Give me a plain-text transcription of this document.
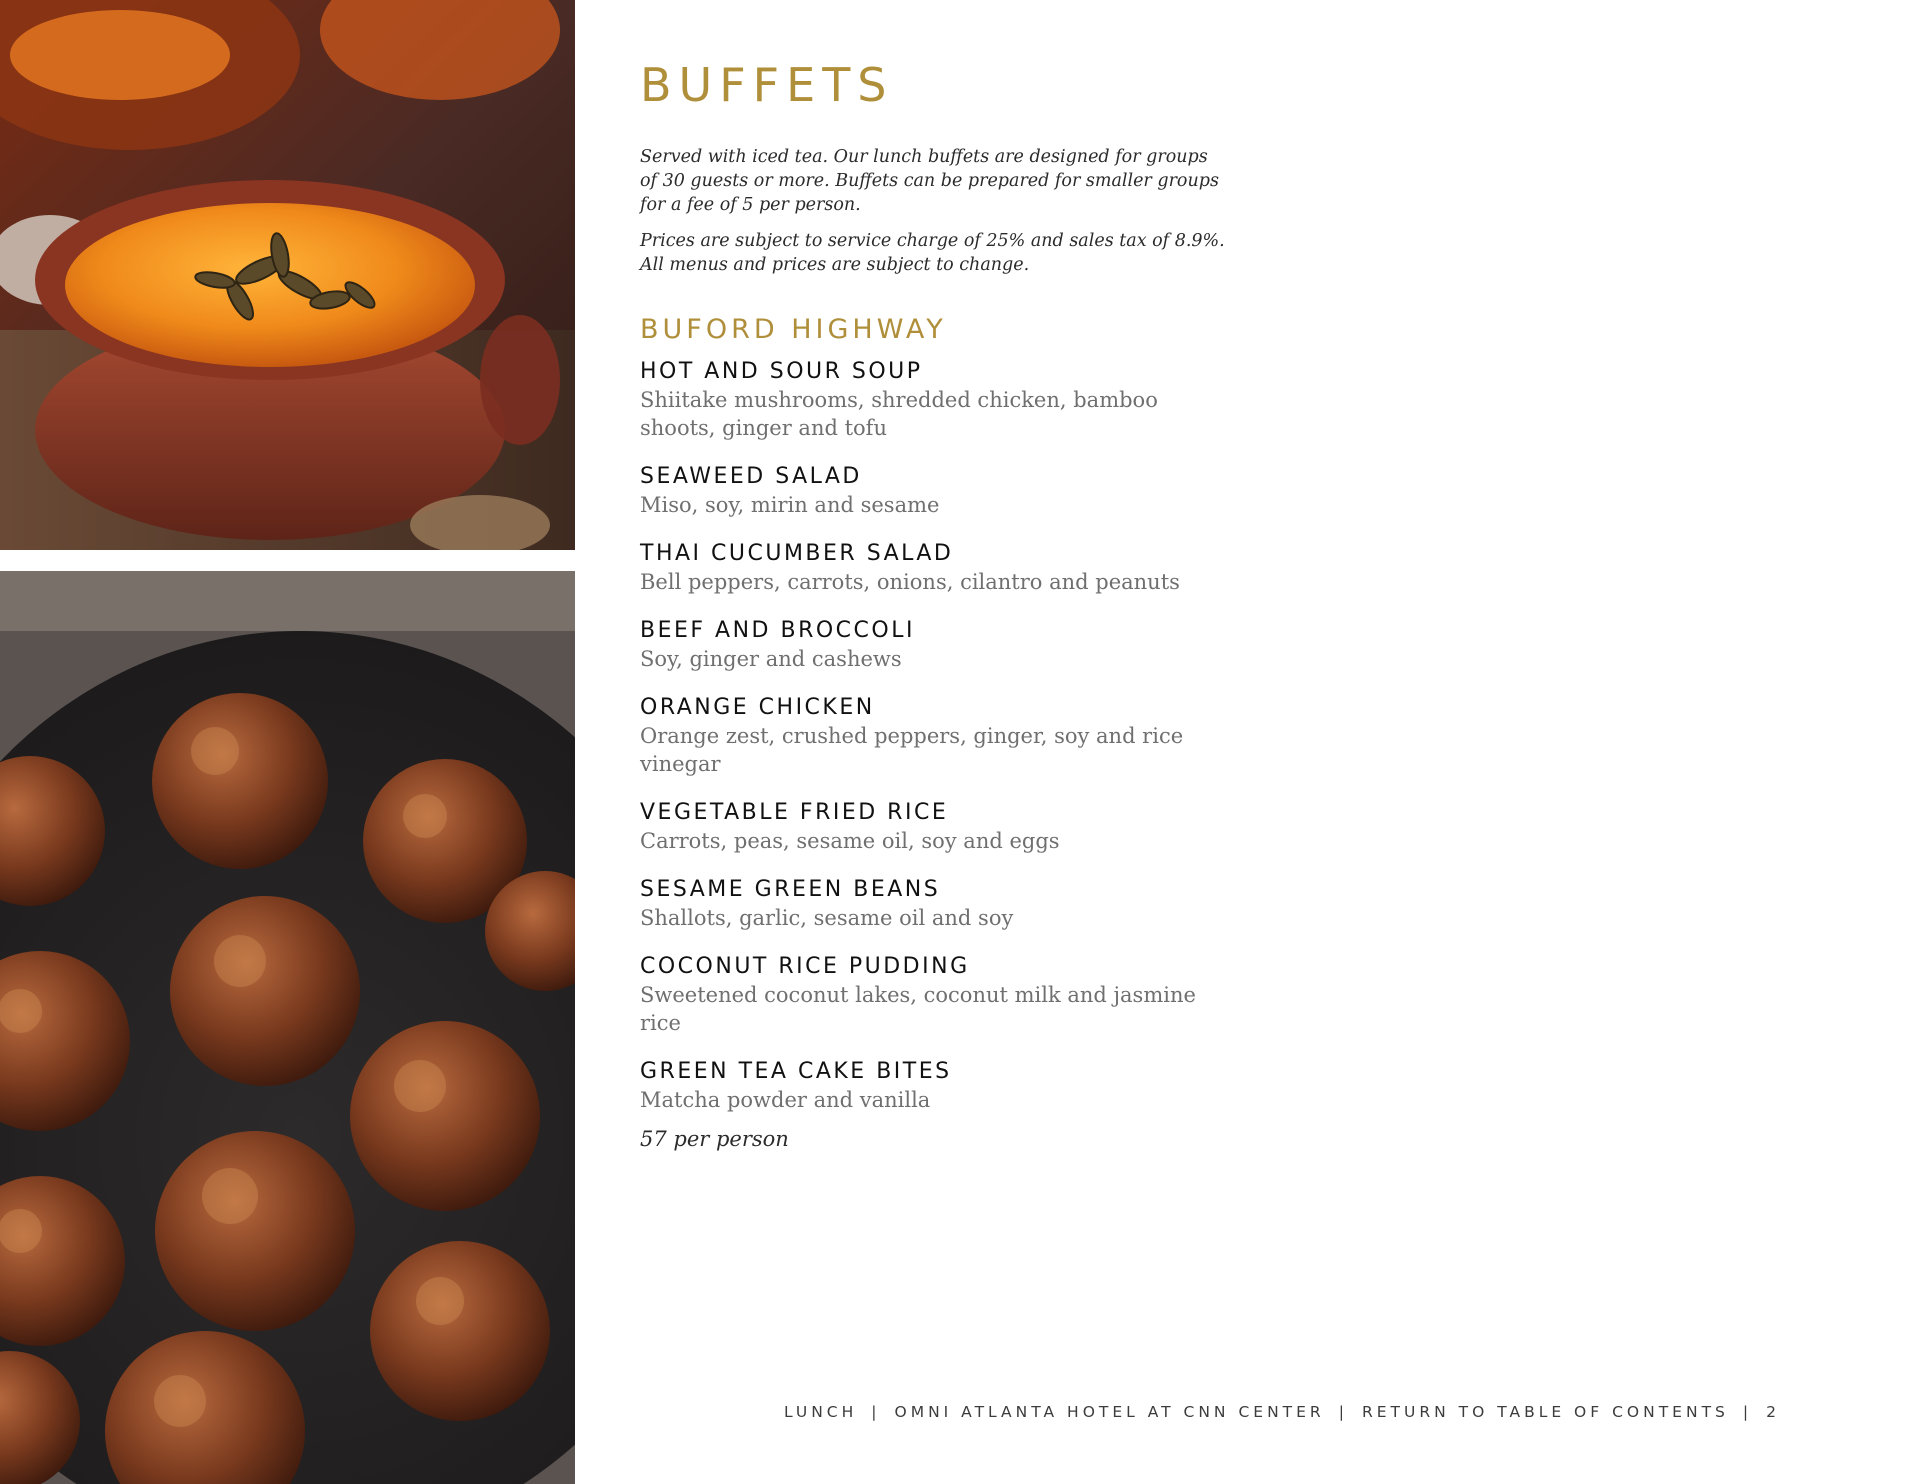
BUFFETS

Served with iced tea. Our lunch buffets are designed for groups of 30 guests or more. Buffets can be prepared for smaller groups for a fee of 5 per person.

Prices are subject to service charge of 25% and sales tax of 8.9%. All menus and prices are subject to change.

BUFORD HIGHWAY
HOT AND SOUR SOUP
Shiitake mushrooms, shredded chicken, bamboo shoots, ginger and tofu
SEAWEED SALAD
Miso, soy, mirin and sesame
THAI CUCUMBER SALAD
Bell peppers, carrots, onions, cilantro and peanuts
BEEF AND BROCCOLI
Soy, ginger and cashews
ORANGE CHICKEN
Orange zest, crushed peppers, ginger, soy and rice vinegar
VEGETABLE FRIED RICE
Carrots, peas, sesame oil, soy and eggs
SESAME GREEN BEANS
Shallots, garlic, sesame oil and soy
COCONUT RICE PUDDING
Sweetened coconut lakes, coconut milk and jasmine rice
GREEN TEA CAKE BITES
Matcha powder and vanilla
57 per person
LUNCH | OMNI ATLANTA HOTEL AT CNN CENTER | RETURN TO TABLE OF CONTENTS | 2
